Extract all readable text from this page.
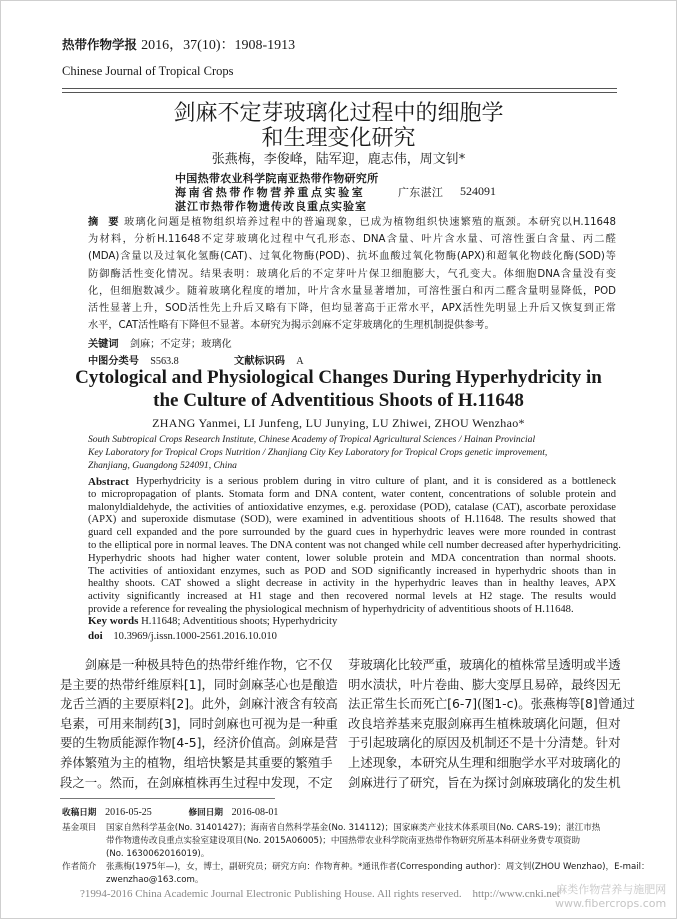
热带作物学报 2016，37(10)：1908-1913
Chinese Journal of Tropical Crops
剑麻不定芽玻璃化过程中的细胞学
和生理变化研究
张燕梅，李俊峰，陆军迎，鹿志伟，周文钊*
中国热带农业科学院南亚热带作物研究所
海南省热带作物营养重点实验室
湛江市热带作物遗传改良重点实验室
广东湛江 524091
摘　要 玻璃化问题是植物组织培养过程中的普遍现象，已成为植物组织快速繁殖的瓶颈。本研究以H.11648
为材料，分析H.11648不定芽玻璃化过程中气孔形态、DNA含量、叶片含水量、可溶性蛋白含量、丙二醛
(MDA)含量以及过氧化氢酶(CAT)、过氧化物酶(POD)、抗坏血酸过氧化物酶(APX)和超氧化物歧化酶(SOD)等
防御酶活性变化情况。结果表明：玻璃化后的不定芽叶片保卫细胞膨大，气孔变大。体细胞DNA含量没有变
化，但细胞数减少。随着玻璃化程度的增加，叶片含水量显著增加，可溶性蛋白和丙二醛含量明显降低，POD
活性显著上升，SOD活性先上升后又略有下降，但均显著高于正常水平，APX活性先明显上升后又恢复到正常
水平，CAT活性略有下降但不显著。本研究为揭示剑麻不定芽玻璃化的生理机制提供参考。
关键词 剑麻；不定芽；玻璃化
中图分类号 S563.8	文献标识码 A
Cytological and Physiological Changes During Hyperhydricity in
the Culture of Adventitious Shoots of H.11648
ZHANG Yanmei, LI Junfeng, LU Junying, LU Zhiwei, ZHOU Wenzhao*
South Subtropical Crops Research Institute, Chinese Academy of Tropical Agricultural Sciences / Hainan Provincial
Key Laboratory for Tropical Crops Nutrition / Zhanjiang City Key Laboratory for Tropical Crops genetic improvement,
Zhanjiang, Guangdong 524091, China
Abstract Hyperhydricity is a serious problem during in vitro culture of plant, and it is considered as a bottleneck
to micropropagation of plants. Stomata form and DNA content, water content, concentrations of soluble protein and
malonyldialdehyde, the activities of antioxidative enzymes, e.g. peroxidase (POD), catalase (CAT), ascorbate peroxidase
(APX) and superoxide dismutase (SOD), were examined in adventitious shoots of H.11648. The results showed that
guard cell expanded and the pore surrounded by the guard cues in hyperhydric leaves were more rounded in contrast
to the elliptical pore in normal leaves. The DNA content was not changed while cell number decreased after hyperhydriciting.
Hyperhydric shoots had higher water content, lower soluble protein and MDA concentration than normal shoots.
The activities of antioxidant enzymes, such as POD and SOD significantly increased in hyperhydric shoots than in
healthy shoots. CAT showed a slight decrease in activity in the hyperhydric leaves than in healthy leaves, APX
activity significantly increased at H1 stage and then recovered normal levels at H2 stage. The results would
provide a reference for revealing the physiological mechnism of hyperhydricity of adventitious shoots of H.11648.
Key words H.11648; Adventitious shoots; Hyperhydricity
doi 10.3969/j.issn.1000-2561.2016.10.010
　　剑麻是一种极具特色的热带纤维作物，它不仅
是主要的热带纤维原料[1]，同时剑麻茎心也是酿造
龙舌兰酒的主要原料[2]。此外，剑麻汁液含有较高
皂素，可用来制药[3]，同时剑麻也可视为是一种重
要的生物质能源作物[4-5]，经济价值高。剑麻是营
养体繁殖为主的植物，组培快繁是其重要的繁殖手
段之一。然而，在剑麻植株再生过程中发现，不定
芽玻璃化比较严重，玻璃化的植株常呈透明或半透
明水渍状，叶片卷曲、膨大变厚且易碎，最终因无
法正常生长而死亡[6-7](图1-c)。张燕梅等[8]曾通过
改良培养基来克服剑麻再生植株玻璃化问题，但对
于引起玻璃化的原因及机制还不是十分清楚。针对
上述现象，本研究从生理和细胞学水平对玻璃化的
剑麻进行了研究，旨在为探讨剑麻玻璃化的发生机
收稿日期 2016-05-25	修回日期 2016-08-01
基金项目 国家自然科学基金(No. 31401427)；海南省自然科学基金(No. 314112)；国家麻类产业技术体系项目(No. CARS-19)；湛江市热
带作物遗传改良重点实验室建设项目(No. 2015A06005)；中国热带农业科学院南亚热带作物研究所基本科研业务费专项资助
(No. 1630062016019)。
作者简介 张燕梅(1975年—)，女，博士，副研究员；研究方向：作物育种。*通讯作者(Corresponding author)：周文钊(ZHOU Wenzhao)，E-mail：
zwenzhao@163.com。
?1994-2016 China Academic Journal Electronic Publishing House. All rights reserved.　http://www.cnki.net
麻类作物营养与施肥网
www.fibercrops.com
